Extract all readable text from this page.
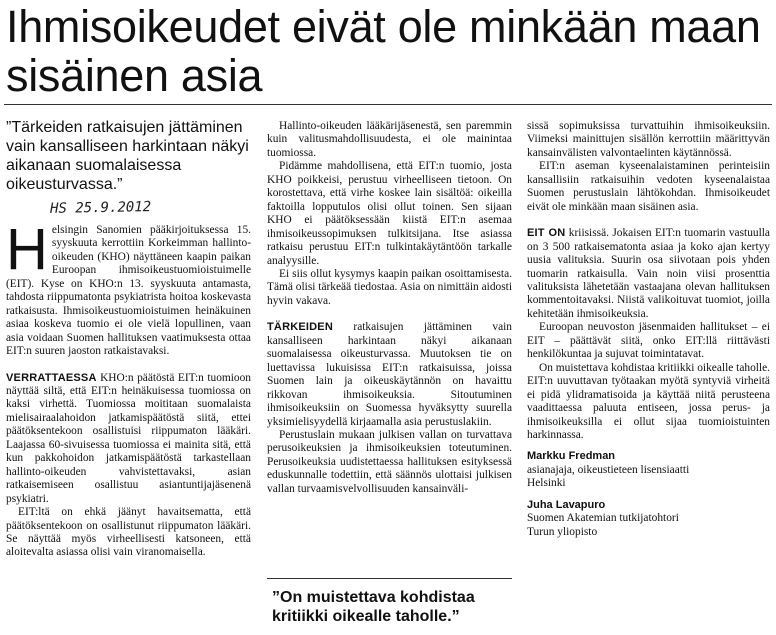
Ihmisoikeudet eivät ole minkään maan sisäinen asia
”Tärkeiden ratkaisujen jättäminen vain kansalliseen harkintaan näkyi aikanaan suomalaisessa oikeusturvassa.”

Helsingin Sanomien pääkirjoituksessa 15. syyskuuta kerrottiin Korkeimman hallinto-oikeuden (KHO) näyttäneen kaapin paikan Euroopan ihmisoikeustuomioistuimelle (EIT). Kyse on KHO:n 13. syyskuuta antamasta, tahdosta riippumatonta psykiatrista hoitoa koskevasta ratkaisusta. Ihmisoikeustuomioistuimen heinäkuinen asiaa koskeva tuomio ei ole vielä lopullinen, vaan asia voidaan Suomen hallituksen vaatimuksesta ottaa EIT:n suuren jaoston ratkaistavaksi.

VERRATTAESSA KHO:n päätöstä EIT:n tuomioon näyttää siltä, että EIT:n heinäkuisessa tuomiossa on kaksi virhettä. Tuomiossa moititaan suomalaista mielisairaalahoidon jatkamispäätöstä siitä, ettei päätöksentekoon osallistuisi riippumaton lääkäri. Laajassa 60-sivuisessa tuomiossa ei mainita sitä, että kun pakkohoidon jatkamispäätöstä tarkastellaan hallinto-oikeuden vahvistettavaksi, asian ratkaisemiseen osallistuu asiantuntijajäsenenä psykiatri.

EIT:ltä on ehkä jäänyt havaitsematta, että päätöksentekoon on osallistunut riippumaton lääkäri. Se näyttää myös virheellisesti katsoneen, että aloitevalta asiassa olisi vain viranomaisella.

HS 25.9.2012

Hallinto-oikeuden lääkärijäsenestä, sen paremmin kuin valitusmahdollisuudesta, ei ole mainintaa tuomiossa.

Pidämme mahdollisena, että EIT:n tuomio, josta KHO poikkeisi, perustuu virheelliseen tietoon. On korostettava, että virhe koskee lain sisältöä: oikeilla faktoilla lopputulos olisi ollut toinen. Sen sijaan KHO ei päätöksessään kiistä EIT:n asemaa ihmisoikeussopimuksen tulkitsijana. Itse asiassa ratkaisu perustuu EIT:n tulkintakäytäntöön tarkalle analyysille.

Ei siis ollut kysymys kaapin paikan osoittamisesta. Tämä olisi tärkeää tiedostaa. Asia on nimittäin aidosti hyvin vakava.

TÄRKEIDEN ratkaisujen jättäminen vain kansalliseen harkintaan näkyi aikanaan suomalaisessa oikeusturvassa. Muutoksen tie on luettavissa lukuisissa EIT:n ratkaisuissa, joissa Suomen lain ja oikeuskäytännön on havaittu rikkovan ihmisoikeuksia. Sitoutuminen ihmisoikeuksiin on Suomessa hyväksytty suurella yksimielisyydellä kirjaamalla asia perustuslakiin.

Perustuslain mukaan julkisen vallan on turvattava perusoikeuksien ja ihmisoikeuksien toteutuminen. Perusoikeuksia uudistettaessa hallituksen esityksessä eduskunnalle todettiin, että säännös ulottaisi julkisen vallan turvaamisvelvollisuuden kansainväli-

”On muistettava kohdistaa kritiikki oikealle taholle.”

sissä sopimuksissa turvattuihin ihmisoikeuksiin. Viimeksi mainittujen sisällön kerrottiin määrittyvän kansainvälisten valvontaelinten käytännössä.

EIT:n aseman kyseenalaistaminen perinteisiin kansallisiin ratkaisuihin vedoten kyseenalaistaa Suomen perustuslain lähtökohdan. Ihmisoikeudet eivät ole minkään maan sisäinen asia.

EIT ON kriisissä. Jokaisen EIT:n tuomarin vastuulla on 3 500 ratkaisematonta asiaa ja koko ajan kertyy uusia valituksia. Suurin osa siivotaan pois yhden tuomarin ratkaisulla. Vain noin viisi prosenttia valituksista lähetetään vastaajana olevan hallituksen kommentoitavaksi. Niistä valikoituvat tuomiot, joilla kehitetään ihmisoikeuksia.

Euroopan neuvoston jäsenmaiden hallitukset – ei EIT – päättävät siitä, onko EIT:llä riittävästi henkilökuntaa ja sujuvat toimintatavat.

On muistettava kohdistaa kritiikki oikealle taholle. EIT:n uuvuttavan työtaakan myötä syntyviä virheitä ei pidä ylidramatisoida ja käyttää niitä perusteena vaadittaessa paluuta entiseen, jossa perus- ja ihmisoikeuksilla ei ollut sijaa tuomioistuinten harkinnassa.

Markku Fredman
asianajaja, oikeustieteen lisensiaatti
Helsinki
Juha Lavapuro
Suomen Akatemian tutkijatohtori
Turun yliopisto
